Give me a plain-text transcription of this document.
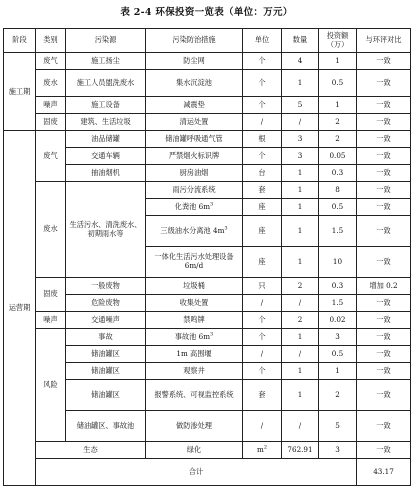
表 2-4 环保投资一览表（单位：万元）
阶段	类别	污染源	污染防治措施	单位	数量	投资额（万）	与环评对比	
施工期	废气	施工扬尘	防尘网	个	4	1	一致	
	废水	施工人员盥洗废水	集水沉淀池	个	1	0.5	一致	
	噪声	施工设备	减震垫	个	5	1	一致	
	固废	建筑、生活垃圾	清运处置	/	/	2	一致	
运营期	废气	油品储罐	储油罐呼吸通气管	根	3	2	一致	
		交通车辆	严禁烟火标识牌	个	3	0.05	一致	
		抽油烟机	厨房油烟	台	1	0.3	一致	
	废水	生活污水、清洗废水、初期雨水等	雨污分流系统	套	1	8	一致	
			化粪池 $6m^3$	座	1	0.5	一致	
			三级油水分离池 $4m^3$	座	1	1.5	一致	
			一体化生活污水处理设备 6m/d	座	1	10	一致	
	固废	一般废物	垃圾桶	只	2	0.3	增加 0.2	
		危险废物	收集处置	/	/	1.5	一致	
	噪声	交通噪声	禁鸣牌	个	2	0.02	一致	
	风险	事故	事故池 $6m^3$	个	1	3	一致	
		储油罐区	1m 高围堰	/	/	0.5	一致	
		储油罐区	观察井	个	1	1	一致	
		储油罐区	报警系统、可视监控系统	套	1	2	一致	
		储油罐区、事故池	做防渗处理	/	/	5	一致	
	生态		绿化	$m^2$	762.91	3	一致	
	合计						43.17	
